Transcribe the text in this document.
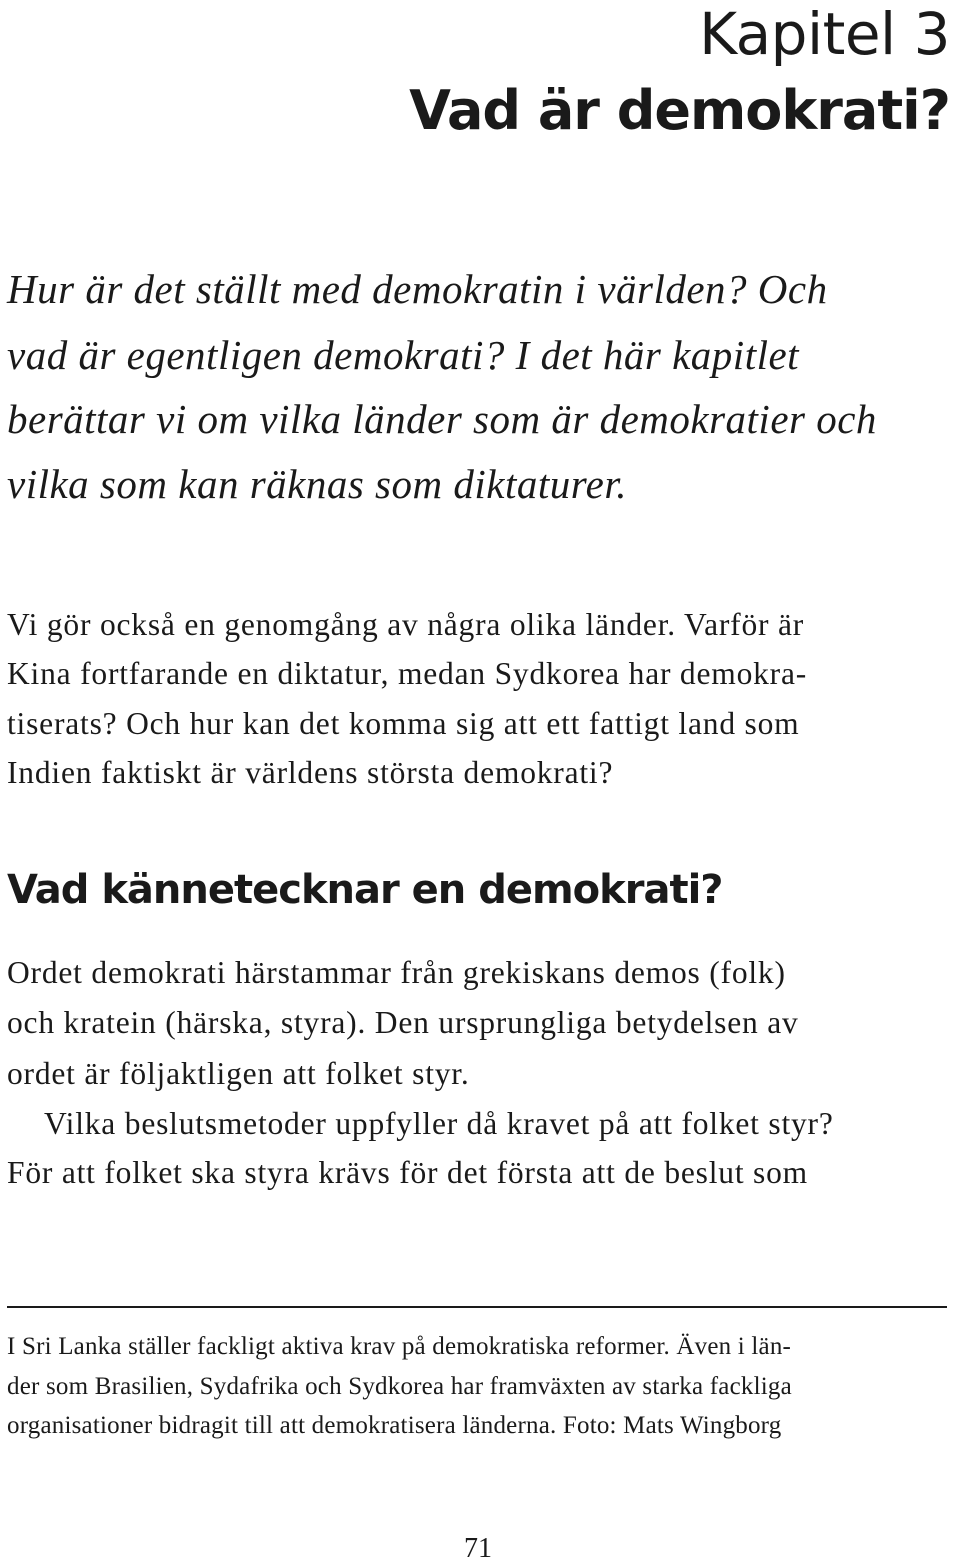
Kapitel 3
Vad är demokrati?

Hur är det ställt med demokratin i världen? Och

vad är egentligen demokrati? I det här kapitlet

berättar vi om vilka länder som är demokratier och

vilka som kan räknas som diktaturer.

Vi gör också en genomgång av några olika länder. Varför är

Kina fortfarande en diktatur, medan Sydkorea har demokra-

tiserats? Och hur kan det komma sig att ett fattigt land som

Indien faktiskt är världens största demokrati?

Vad kännetecknar en demokrati?

Ordet demokrati härstammar från grekiskans demos (folk)

och kratein (härska, styra). Den ursprungliga betydelsen av

ordet är följaktligen att folket styr.

Vilka beslutsmetoder uppfyller då kravet på att folket styr?

För att folket ska styra krävs för det första att de beslut som

I Sri Lanka ställer fackligt aktiva krav på demokratiska reformer. Även i län-

der som Brasilien, Sydafrika och Sydkorea har framväxten av starka fackliga

organisationer bidragit till att demokratisera länderna. Foto: Mats Wingborg

71
